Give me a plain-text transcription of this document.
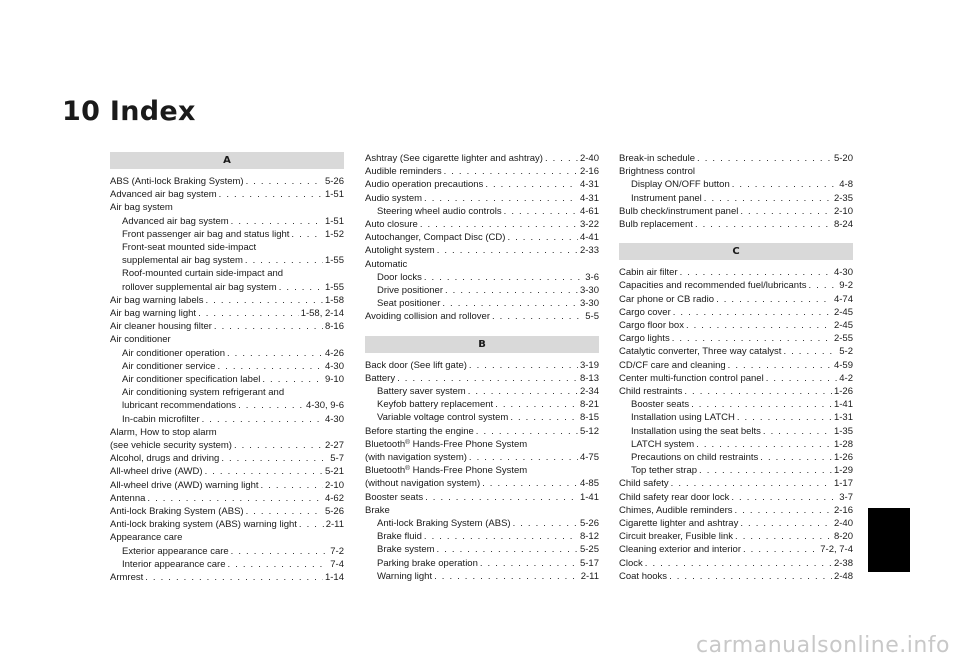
10 Index
A
ABS (Anti-lock Braking System) . . .	5-26
Advanced air bag system . . .	1-51
Air bag system
Advanced air bag system . . .	1-51
Front passenger air bag and status light . . .	1-52
Front-seat mounted side-impact
supplemental air bag system . . .	1-55
Roof-mounted curtain side-impact and
rollover supplemental air bag system . . .	1-55
Air bag warning labels . . .	1-58
Air bag warning light . . .	1-58, 2-14
Air cleaner housing filter . . .	8-16
Air conditioner
Air conditioner operation . . .	4-26
Air conditioner service . . .	4-30
Air conditioner specification label . . .	9-10
Air conditioning system refrigerant and
lubricant recommendations . . .	4-30, 9-6
In-cabin microfilter . . .	4-30
Alarm, How to stop alarm
(see vehicle security system) . . .	2-27
Alcohol, drugs and driving . . .	5-7
All-wheel drive (AWD) . . .	5-21
All-wheel drive (AWD) warning light . . .	2-10
Antenna . . .	4-62
Anti-lock Braking System (ABS) . . .	5-26
Anti-lock braking system (ABS) warning light . . .	2-11
Appearance care
Exterior appearance care . . .	7-2
Interior appearance care . . .	7-4
Armrest . . .	1-14
Ashtray (See cigarette lighter and ashtray) . . .	2-40
Audible reminders . . .	2-16
Audio operation precautions . . .	4-31
Audio system . . .	4-31
Steering wheel audio controls . . .	4-61
Auto closure . . .	3-22
Autochanger, Compact Disc (CD) . . .	4-41
Autolight system . . .	2-33
Automatic
Door locks . . .	3-6
Drive positioner . . .	3-30
Seat positioner . . .	3-30
Avoiding collision and rollover . . .	5-5
B
Back door (See lift gate) . . .	3-19
Battery . . .	8-13
Battery saver system . . .	2-34
Keyfob battery replacement . . .	8-21
Variable voltage control system . . .	8-15
Before starting the engine . . .	5-12
Bluetooth® Hands-Free Phone System
(with navigation system) . . .	4-75
Bluetooth® Hands-Free Phone System
(without navigation system) . . .	4-85
Booster seats . . .	1-41
Brake
Anti-lock Braking System (ABS) . . .	5-26
Brake fluid . . .	8-12
Brake system . . .	5-25
Parking brake operation . . .	5-17
Warning light . . .	2-11
Break-in schedule . . .	5-20
Brightness control
Display ON/OFF button . . .	4-8
Instrument panel . . .	2-35
Bulb check/instrument panel . . .	2-10
Bulb replacement . . .	8-24
C
Cabin air filter . . .	4-30
Capacities and recommended fuel/lubricants . . .	9-2
Car phone or CB radio . . .	4-74
Cargo cover . . .	2-45
Cargo floor box . . .	2-45
Cargo lights . . .	2-55
Catalytic converter, Three way catalyst . . .	5-2
CD/CF care and cleaning . . .	4-59
Center multi-function control panel . . .	4-2
Child restraints . . .	1-26
Booster seats . . .	1-41
Installation using LATCH . . .	1-31
Installation using the seat belts . . .	1-35
LATCH system . . .	1-28
Precautions on child restraints . . .	1-26
Top tether strap . . .	1-29
Child safety . . .	1-17
Child safety rear door lock . . .	3-7
Chimes, Audible reminders . . .	2-16
Cigarette lighter and ashtray . . .	2-40
Circuit breaker, Fusible link . . .	8-20
Cleaning exterior and interior . . .	7-2, 7-4
Clock . . .	2-38
Coat hooks . . .	2-48
carmanualsonline.info
